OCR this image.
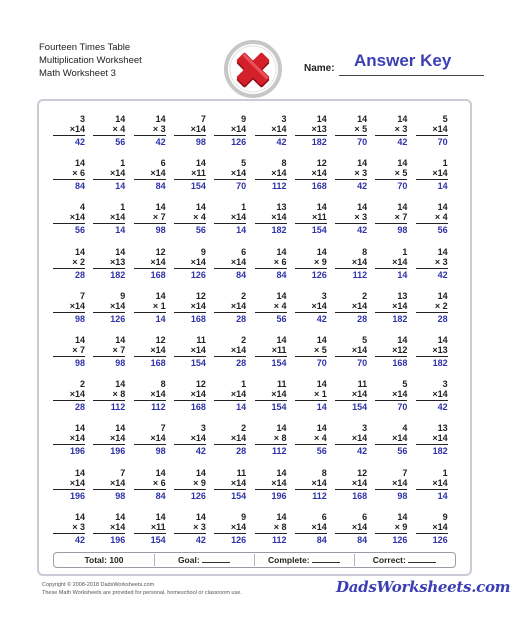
Fourteen Times Table
Multiplication Worksheet
Math Worksheet 3	Name: Answer Key
3
×14
42
14
× 4
56
14
× 3
42
7
×14
98
9
×14
126
3
×14
42
14
×13
182
14
× 5
70
14
× 3
42
5
×14
70
14
× 6
84
1
×14
14
6
×14
84
14
×11
154
5
×14
70
8
×14
112
12
×14
168
14
× 3
42
14
× 5
70
1
×14
14
4
×14
56
1
×14
14
14
× 7
98
14
× 4
56
1
×14
14
13
×14
182
14
×11
154
14
× 3
42
14
× 7
98
14
× 4
56
14
× 2
28
14
×13
182
12
×14
168
9
×14
126
6
×14
84
14
× 6
84
14
× 9
126
8
×14
112
1
×14
14
14
× 3
42
7
×14
98
9
×14
126
14
× 1
14
12
×14
168
2
×14
28
14
× 4
56
3
×14
42
2
×14
28
13
×14
182
14
× 2
28
14
× 7
98
14
× 7
98
12
×14
168
11
×14
154
2
×14
28
14
×11
154
14
× 5
70
5
×14
70
14
×12
168
14
×13
182
2
×14
28
14
× 8
112
8
×14
112
12
×14
168
1
×14
14
11
×14
154
14
× 1
14
11
×14
154
5
×14
70
3
×14
42
14
×14
196
14
×14
196
7
×14
98
3
×14
42
2
×14
28
14
× 8
112
14
× 4
56
3
×14
42
4
×14
56
13
×14
182
14
×14
196
7
×14
98
14
× 6
84
14
× 9
126
11
×14
154
14
×14
196
8
×14
112
12
×14
168
7
×14
98
1
×14
14
14
× 3
42
14
×14
196
14
×11
154
14
× 3
42
9
×14
126
14
× 8
112
6
×14
84
6
×14
84
14
× 9
126
9
×14
126
Total: 100	Goal:	Complete:	Correct:
Copyright © 2008-2018 DadsWorksheets.com
These Math Worksheets are provided for personal, homeschool or classroom use.	DadsWorksheets.com
